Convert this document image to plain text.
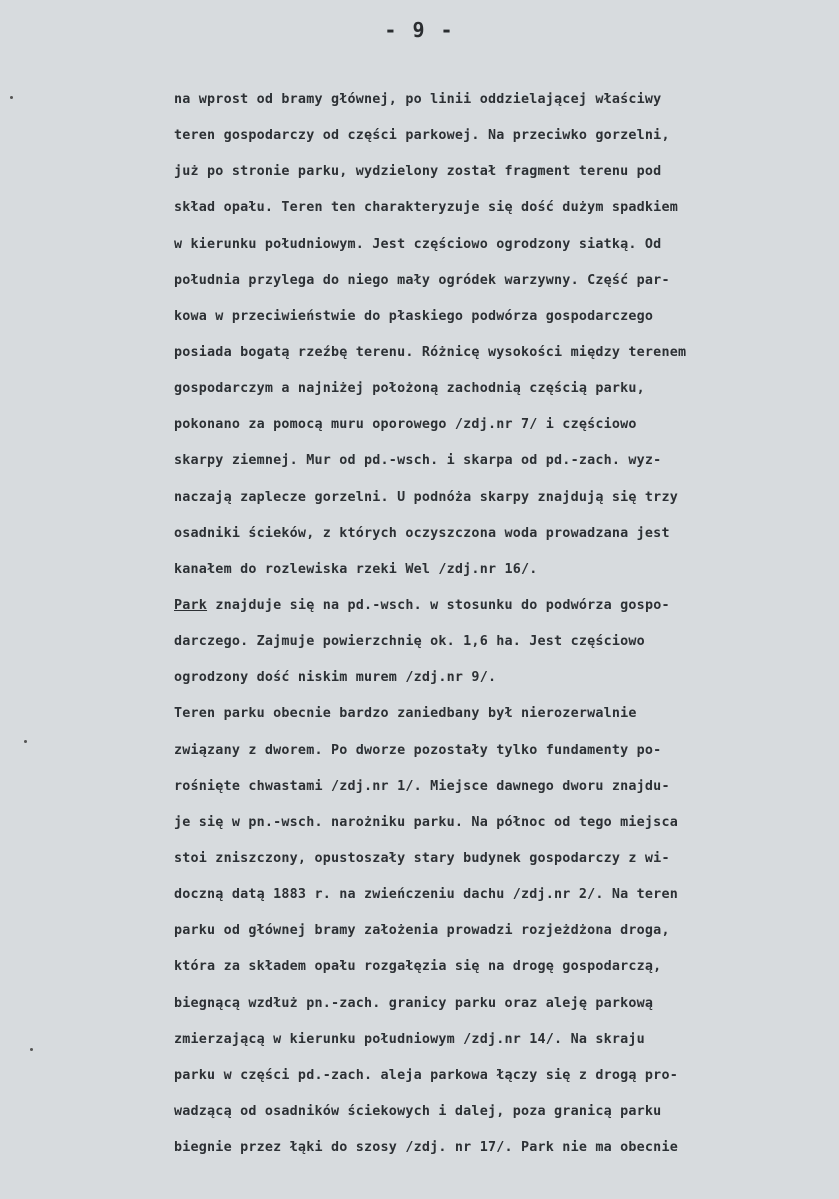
- 9 -
na wprost od bramy głównej, po linii oddzielającej właściwy
teren gospodarczy od części parkowej. Na przeciwko gorzelni,
już po stronie parku, wydzielony został fragment terenu pod
skład opału. Teren ten charakteryzuje się dość dużym spadkiem
w kierunku południowym. Jest częściowo ogrodzony siatką. Od
południa przylega do niego mały ogródek warzywny. Część par-
kowa w przeciwieństwie do płaskiego podwórza gospodarczego
posiada bogatą rzeźbę terenu. Różnicę wysokości między terenem
gospodarczym a najniżej położoną zachodnią częścią parku,
pokonano za pomocą muru oporowego /zdj.nr 7/ i częściowo
skarpy ziemnej. Mur od pd.-wsch. i skarpa od pd.-zach. wyz-
naczają zaplecze gorzelni. U podnóża skarpy znajdują się trzy
osadniki ścieków, z których oczyszczona woda prowadzana jest
kanałem do rozlewiska rzeki Wel /zdj.nr 16/.
Park znajduje się na pd.-wsch. w stosunku do podwórza gospo-
darczego. Zajmuje powierzchnię ok. 1,6 ha. Jest częściowo
ogrodzony dość niskim murem /zdj.nr 9/.
Teren parku obecnie bardzo zaniedbany był nierozerwalnie
związany z dworem. Po dworze pozostały tylko fundamenty po-
rośnięte chwastami /zdj.nr 1/. Miejsce dawnego dworu znajdu-
je się w pn.-wsch. narożniku parku. Na północ od tego miejsca
stoi zniszczony, opustoszały stary budynek gospodarczy z wi-
doczną datą 1883 r. na zwieńczeniu dachu /zdj.nr 2/. Na teren
parku od głównej bramy założenia prowadzi rozjeżdżona droga,
która za składem opału rozgałęzia się na drogę gospodarczą,
biegnącą wzdłuż pn.-zach. granicy parku oraz aleję parkową
zmierzającą w kierunku południowym /zdj.nr 14/. Na skraju
parku w części pd.-zach. aleja parkowa łączy się z drogą pro-
wadzącą od osadników ściekowych i dalej, poza granicą parku
biegnie przez łąki do szosy /zdj. nr 17/. Park nie ma obecnie
